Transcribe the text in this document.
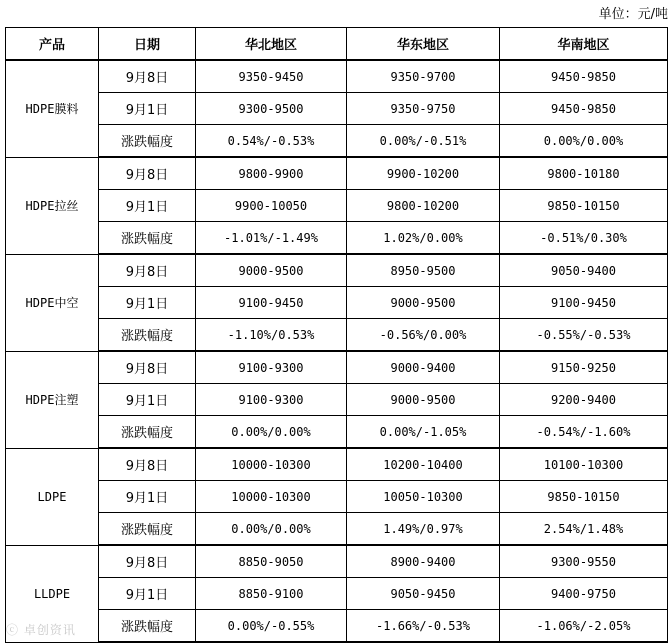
单位：元/吨
产品	日期	华北地区	华东地区	华南地区
HDPE膜料	9月8日	9350-9450	9350-9700	9450-9850
	9月1日	9300-9500	9350-9750	9450-9850
	涨跌幅度	0.54%/-0.53%	0.00%/-0.51%	0.00%/0.00%
HDPE拉丝	9月8日	9800-9900	9900-10200	9800-10180
	9月1日	9900-10050	9800-10200	9850-10150
	涨跌幅度	-1.01%/-1.49%	1.02%/0.00%	-0.51%/0.30%
HDPE中空	9月8日	9000-9500	8950-9500	9050-9400
	9月1日	9100-9450	9000-9500	9100-9450
	涨跌幅度	-1.10%/0.53%	-0.56%/0.00%	-0.55%/-0.53%
HDPE注塑	9月8日	9100-9300	9000-9400	9150-9250
	9月1日	9100-9300	9000-9500	9200-9400
	涨跌幅度	0.00%/0.00%	0.00%/-1.05%	-0.54%/-1.60%
LDPE	9月8日	10000-10300	10200-10400	10100-10300
	9月1日	10000-10300	10050-10300	9850-10150
	涨跌幅度	0.00%/0.00%	1.49%/0.97%	2.54%/1.48%
LLDPE	9月8日	8850-9050	8900-9400	9300-9550
	9月1日	8850-9100	9050-9450	9400-9750
	涨跌幅度	0.00%/-0.55%	-1.66%/-0.53%	-1.06%/-2.05%
ⓒ 卓创资讯
